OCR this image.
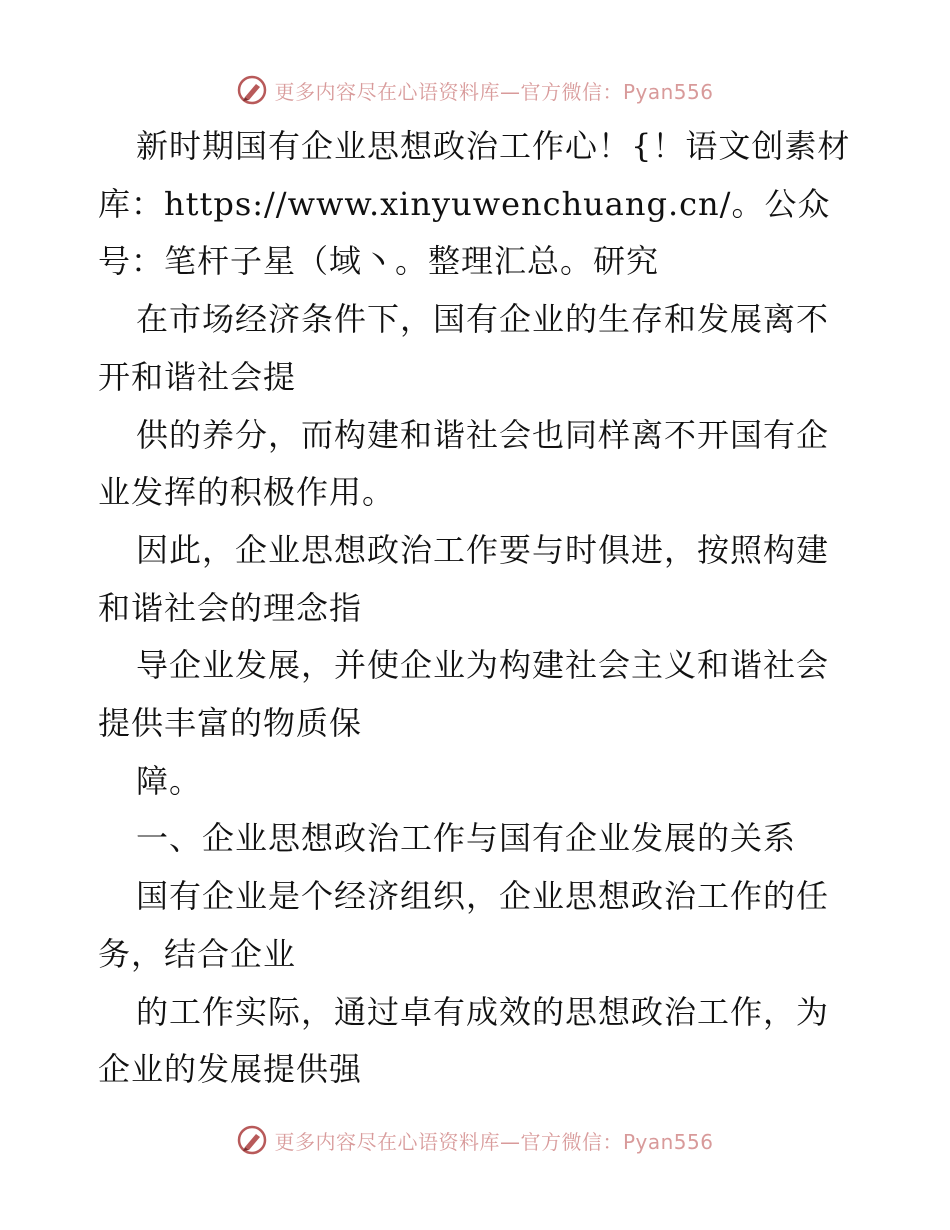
更多内容尽在心语资料库—官方微信：Pyan556

新时期国有企业思想政治工作心！{！语文创素材库：https://www.xinyuwenchuang.cn/。公众号：笔杆子星（域丶。整理汇总。研究

在市场经济条件下，国有企业的生存和发展离不开和谐社会提

供的养分，而构建和谐社会也同样离不开国有企业发挥的积极作用。

因此，企业思想政治工作要与时俱进，按照构建和谐社会的理念指

导企业发展，并使企业为构建社会主义和谐社会提供丰富的物质保

障。

一、企业思想政治工作与国有企业发展的关系

国有企业是个经济组织，企业思想政治工作的任务，结合企业

的工作实际，通过卓有成效的思想政治工作，为企业的发展提供强

更多内容尽在心语资料库—官方微信：Pyan556
